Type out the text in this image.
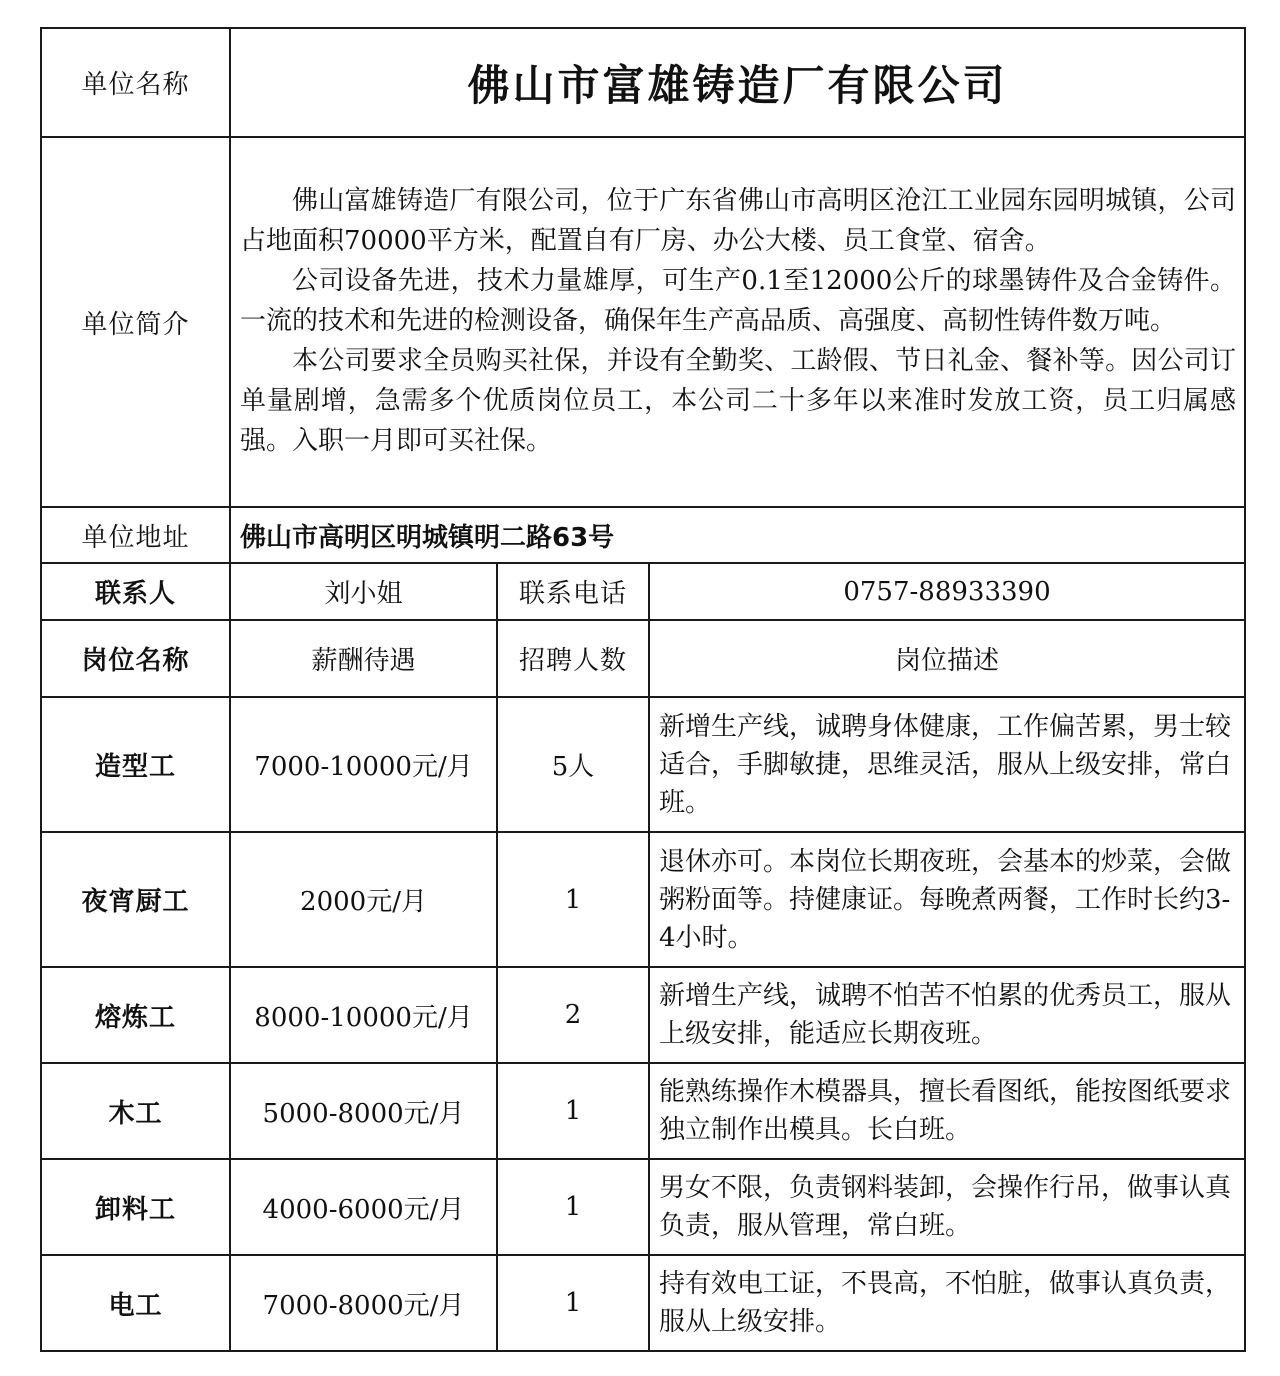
单位名称	佛山市富雄铸造厂有限公司		
单位简介	佛山富雄铸造厂有限公司，位于广东省佛山市高明区沧江工业园东园明城镇，公司占地面积70000平方米，配置自有厂房、办公大楼、员工食堂、宿舍。

公司设备先进，技术力量雄厚，可生产0.1至12000公斤的球墨铸件及合金铸件。一流的技术和先进的检测设备，确保年生产高品质、高强度、高韧性铸件数万吨。

本公司要求全员购买社保，并设有全勤奖、工龄假、节日礼金、餐补等。因公司订单量剧增，急需多个优质岗位员工，本公司二十多年以来准时发放工资，员工归属感强。入职一月即可买社保。		

单位地址	佛山市高明区明城镇明二路63号		
联系人	刘小姐	联系电话	0757-88933390
岗位名称	薪酬待遇	招聘人数	岗位描述
造型工	7000-10000元/月	5人	新增生产线，诚聘身体健康，工作偏苦累，男士较适合，手脚敏捷，思维灵活，服从上级安排，常白班。
夜宵厨工	2000元/月	1	退休亦可。本岗位长期夜班，会基本的炒菜，会做粥粉面等。持健康证。每晚煮两餐，工作时长约3-4小时。
熔炼工	8000-10000元/月	2	新增生产线，诚聘不怕苦不怕累的优秀员工，服从上级安排，能适应长期夜班。
木工	5000-8000元/月	1	能熟练操作木模器具，擅长看图纸，能按图纸要求独立制作出模具。长白班。
卸料工	4000-6000元/月	1	男女不限，负责钢料装卸，会操作行吊，做事认真负责，服从管理，常白班。
电工	7000-8000元/月	1	持有效电工证，不畏高，不怕脏，做事认真负责，服从上级安排。
